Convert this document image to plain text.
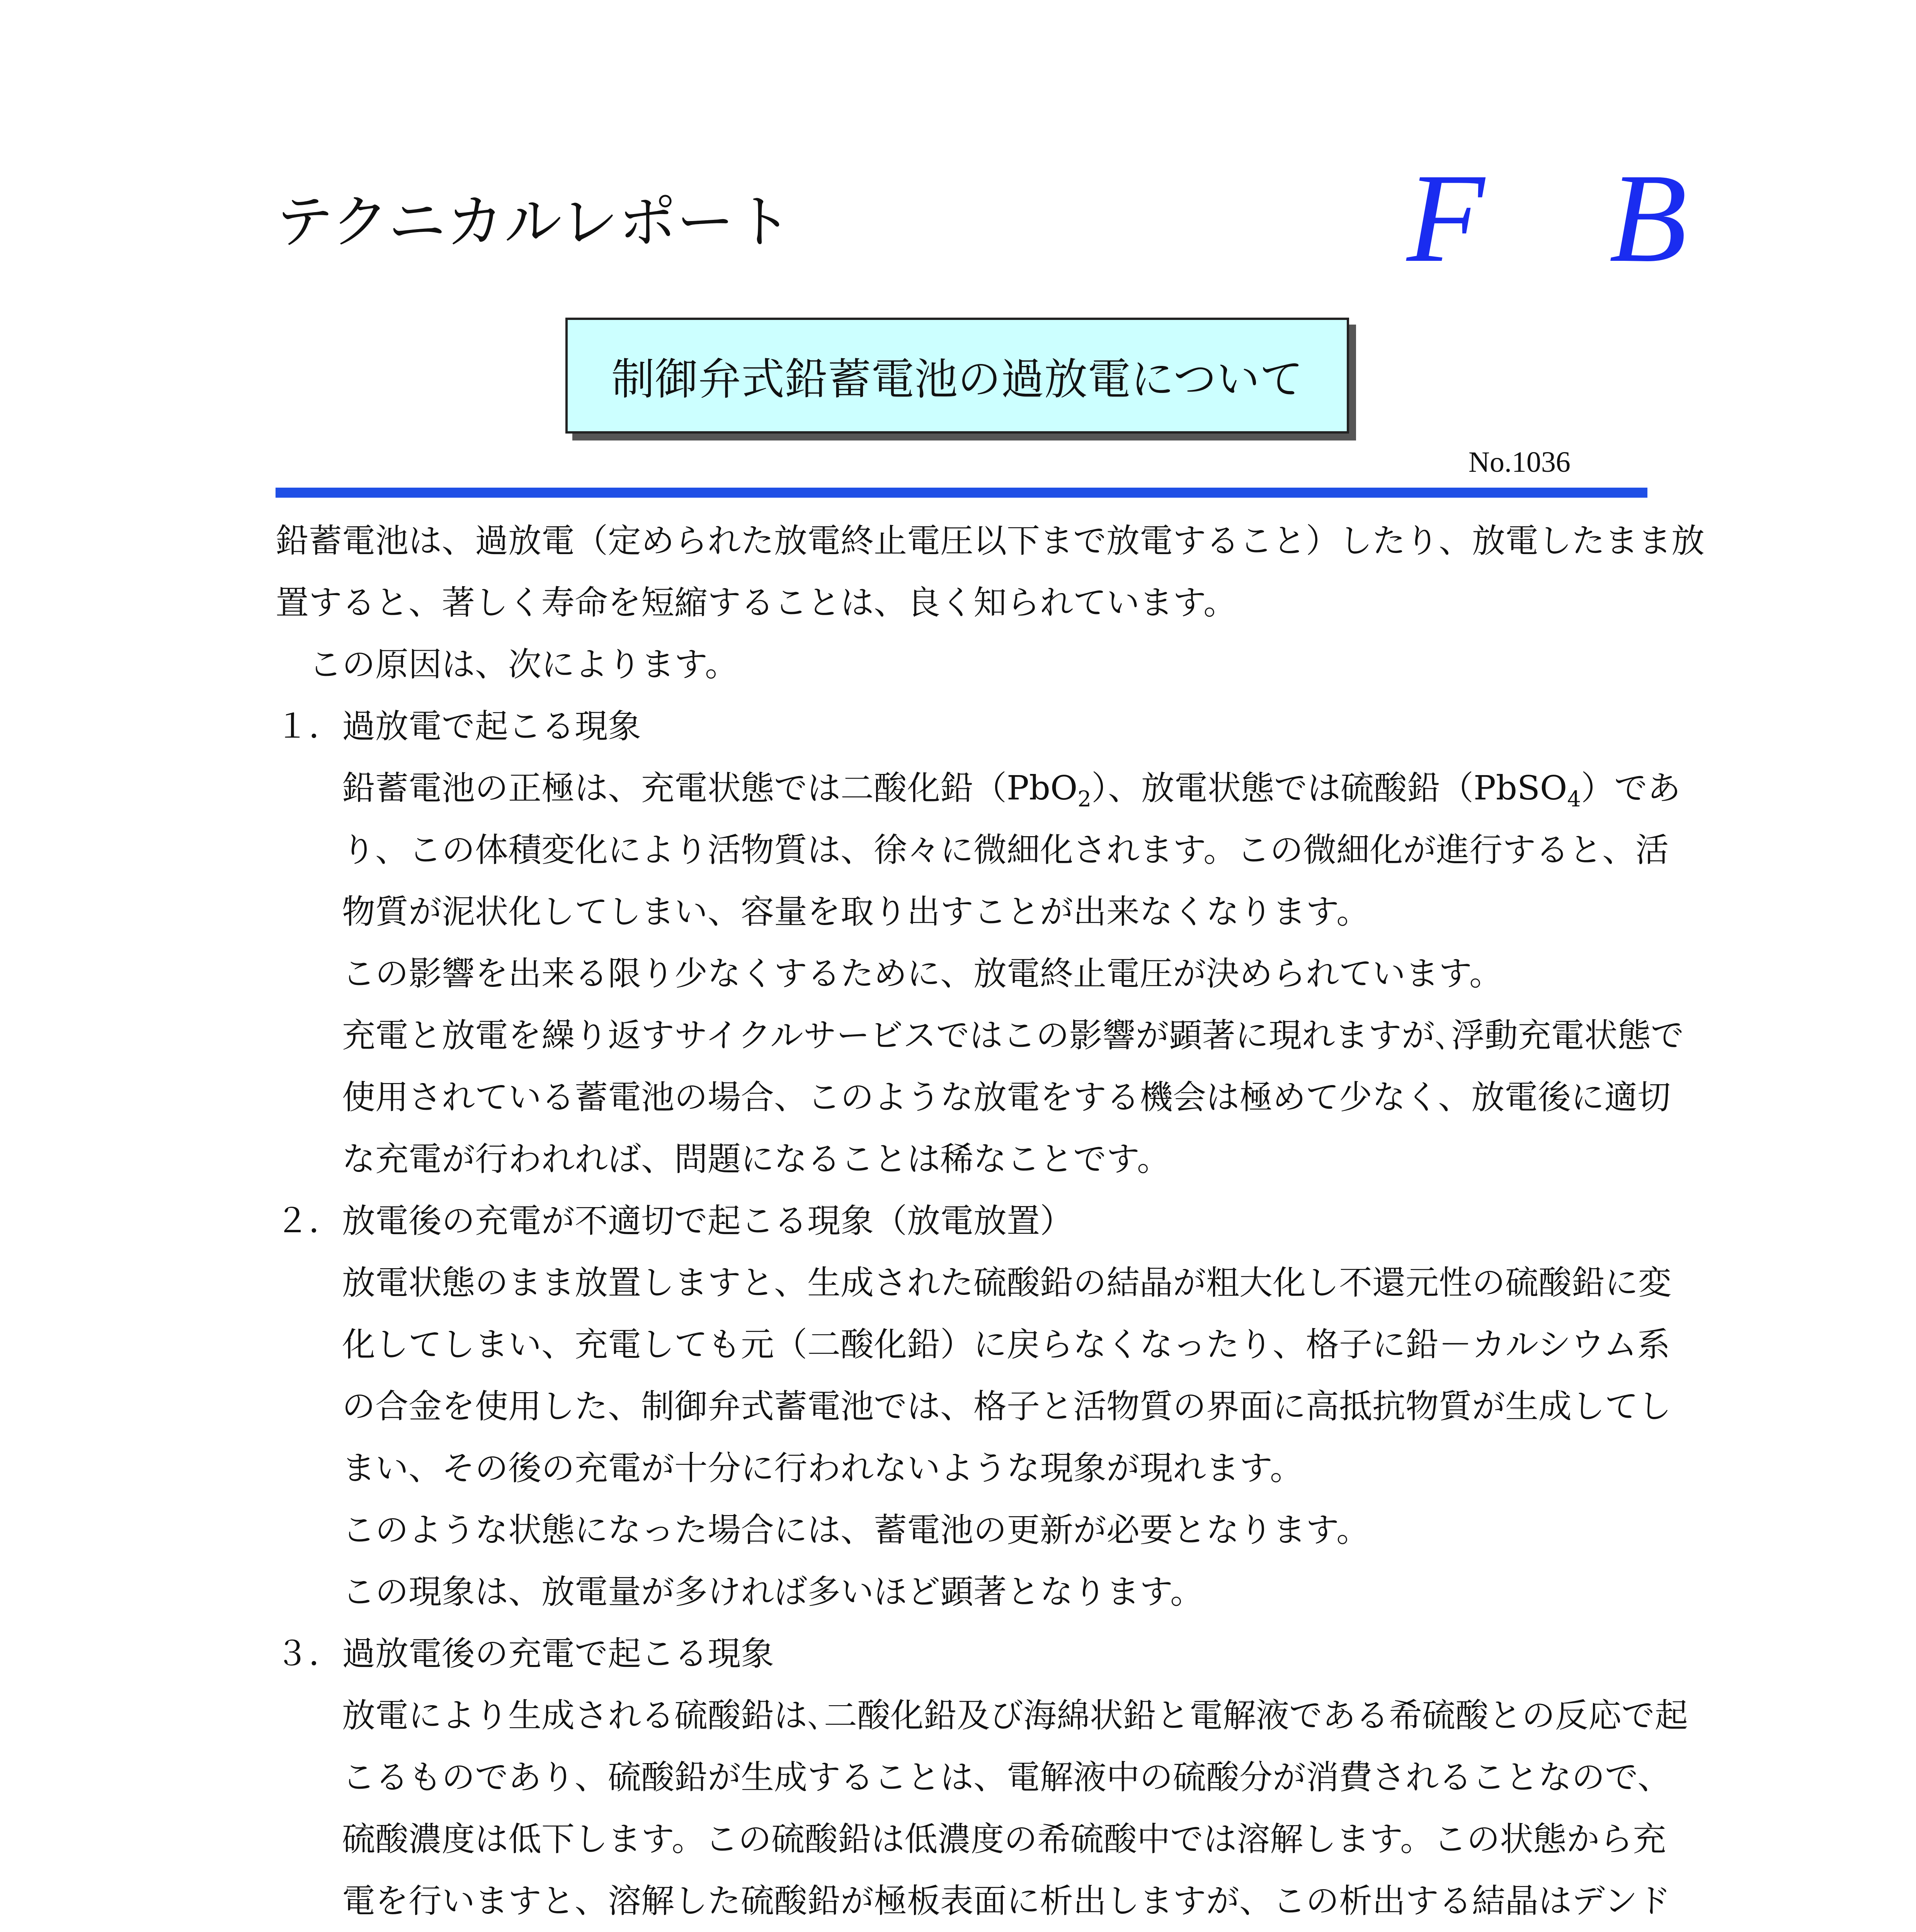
テクニカルレポート	F B
制御弁式鉛蓄電池の過放電について
No.1036
鉛蓄電池は、過放電（定められた放電終止電圧以下まで放電すること）したり、放電したまま放
置すると、著しく寿命を短縮することは、良く知られています。
この原因は、次によります。
１．過放電で起こる現象
鉛蓄電池の正極は、充電状態では二酸化鉛（PbO$_2$）、放電状態では硫酸鉛（PbSO$_4$）であ
り、この体積変化により活物質は、徐々に微細化されます。この微細化が進行すると、活
物質が泥状化してしまい、容量を取り出すことが出来なくなります。
この影響を出来る限り少なくするために、放電終止電圧が決められています。
充電と放電を繰り返すサイクルサービスではこの影響が顕著に現れますが､浮動充電状態で
使用されている蓄電池の場合、このような放電をする機会は極めて少なく、放電後に適切
な充電が行われれば、問題になることは稀なことです。
２．放電後の充電が不適切で起こる現象（放電放置）
放電状態のまま放置しますと、生成された硫酸鉛の結晶が粗大化し不還元性の硫酸鉛に変
化してしまい、充電しても元（二酸化鉛）に戻らなくなったり、格子に鉛－カルシウム系
の合金を使用した、制御弁式蓄電池では、格子と活物質の界面に高抵抗物質が生成してし
まい、その後の充電が十分に行われないような現象が現れます。
このような状態になった場合には、蓄電池の更新が必要となります。
この現象は、放電量が多ければ多いほど顕著となります。
３．過放電後の充電で起こる現象
放電により生成される硫酸鉛は､二酸化鉛及び海綿状鉛と電解液である希硫酸との反応で起
こるものであり、硫酸鉛が生成することは、電解液中の硫酸分が消費されることなので、
硫酸濃度は低下します。この硫酸鉛は低濃度の希硫酸中では溶解します。この状態から充
電を行いますと、溶解した硫酸鉛が極板表面に析出しますが、この析出する結晶はデンド
